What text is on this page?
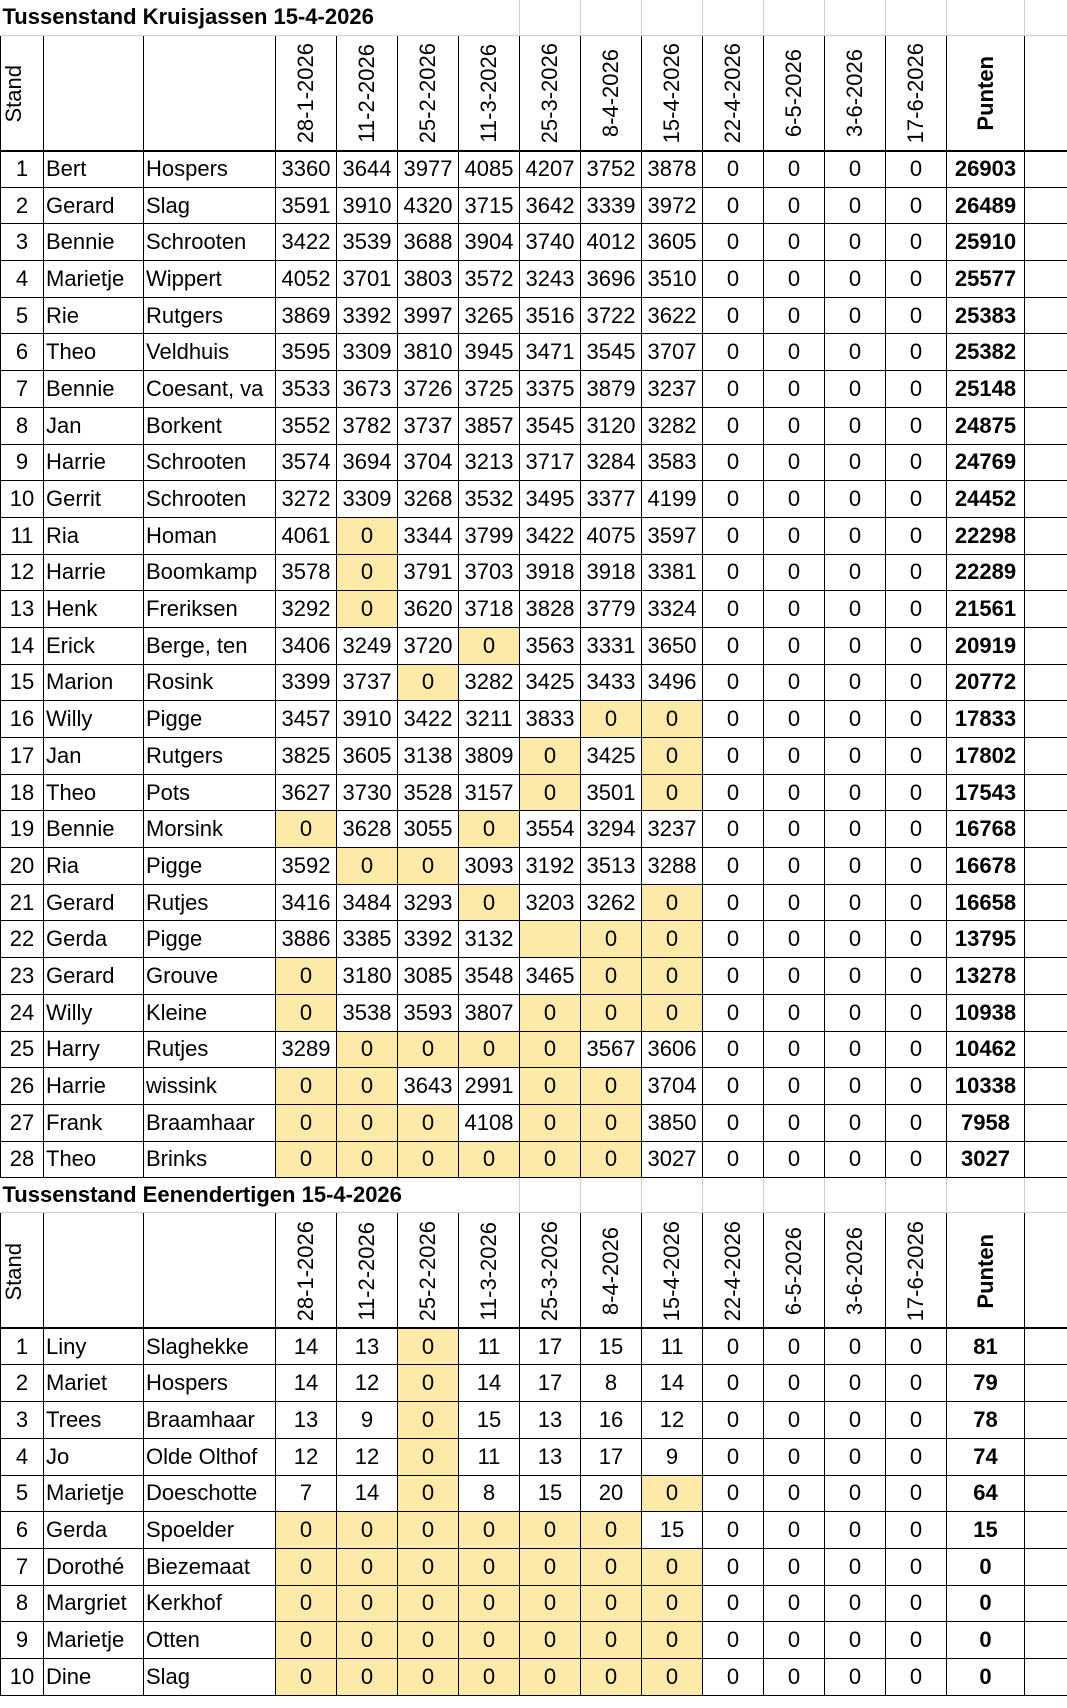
Tussenstand Kruisjassen 15-4-2026															

Stand			28-1-2026	11-2-2026	25-2-2026	11-3-2026	25-3-2026	8-4-2026	15-4-2026	22-4-2026	6-5-2026	3-6-2026	17-6-2026	Punten	

1	Bert	Hospers	3360	3644	3977	4085	4207	3752	3878	0	0	0	0	26903	
2	Gerard	Slag	3591	3910	4320	3715	3642	3339	3972	0	0	0	0	26489	
3	Bennie	Schrooten	3422	3539	3688	3904	3740	4012	3605	0	0	0	0	25910	
4	Marietje	Wippert	4052	3701	3803	3572	3243	3696	3510	0	0	0	0	25577	
5	Rie	Rutgers	3869	3392	3997	3265	3516	3722	3622	0	0	0	0	25383	
6	Theo	Veldhuis	3595	3309	3810	3945	3471	3545	3707	0	0	0	0	25382	
7	Bennie	Coesant, va	3533	3673	3726	3725	3375	3879	3237	0	0	0	0	25148	
8	Jan	Borkent	3552	3782	3737	3857	3545	3120	3282	0	0	0	0	24875	
9	Harrie	Schrooten	3574	3694	3704	3213	3717	3284	3583	0	0	0	0	24769	
10	Gerrit	Schrooten	3272	3309	3268	3532	3495	3377	4199	0	0	0	0	24452	
11	Ria	Homan	4061	0	3344	3799	3422	4075	3597	0	0	0	0	22298	
12	Harrie	Boomkamp	3578	0	3791	3703	3918	3918	3381	0	0	0	0	22289	
13	Henk	Freriksen	3292	0	3620	3718	3828	3779	3324	0	0	0	0	21561	
14	Erick	Berge, ten	3406	3249	3720	0	3563	3331	3650	0	0	0	0	20919	
15	Marion	Rosink	3399	3737	0	3282	3425	3433	3496	0	0	0	0	20772	
16	Willy	Pigge	3457	3910	3422	3211	3833	0	0	0	0	0	0	17833	
17	Jan	Rutgers	3825	3605	3138	3809	0	3425	0	0	0	0	0	17802	
18	Theo	Pots	3627	3730	3528	3157	0	3501	0	0	0	0	0	17543	
19	Bennie	Morsink	0	3628	3055	0	3554	3294	3237	0	0	0	0	16768	
20	Ria	Pigge	3592	0	0	3093	3192	3513	3288	0	0	0	0	16678	
21	Gerard	Rutjes	3416	3484	3293	0	3203	3262	0	0	0	0	0	16658	
22	Gerda	Pigge	3886	3385	3392	3132		0	0	0	0	0	0	13795	
23	Gerard	Grouve	0	3180	3085	3548	3465	0	0	0	0	0	0	13278	
24	Willy	Kleine	0	3538	3593	3807	0	0	0	0	0	0	0	10938	
25	Harry	Rutjes	3289	0	0	0	0	3567	3606	0	0	0	0	10462	
26	Harrie	wissink	0	0	3643	2991	0	0	3704	0	0	0	0	10338	
27	Frank	Braamhaar	0	0	0	4108	0	0	3850	0	0	0	0	7958	
28	Theo	Brinks	0	0	0	0	0	0	3027	0	0	0	0	3027	
Tussenstand Eenendertigen 15-4-2026															

Stand			28-1-2026	11-2-2026	25-2-2026	11-3-2026	25-3-2026	8-4-2026	15-4-2026	22-4-2026	6-5-2026	3-6-2026	17-6-2026	Punten	

1	Liny	Slaghekke	14	13	0	11	17	15	11	0	0	0	0	81	
2	Mariet	Hospers	14	12	0	14	17	8	14	0	0	0	0	79	
3	Trees	Braamhaar	13	9	0	15	13	16	12	0	0	0	0	78	
4	Jo	Olde Olthof	12	12	0	11	13	17	9	0	0	0	0	74	
5	Marietje	Doeschotte	7	14	0	8	15	20	0	0	0	0	0	64	
6	Gerda	Spoelder	0	0	0	0	0	0	15	0	0	0	0	15	
7	Dorothé	Biezemaat	0	0	0	0	0	0	0	0	0	0	0	0	
8	Margriet	Kerkhof	0	0	0	0	0	0	0	0	0	0	0	0	
9	Marietje	Otten	0	0	0	0	0	0	0	0	0	0	0	0	
10	Dine	Slag	0	0	0	0	0	0	0	0	0	0	0	0	
